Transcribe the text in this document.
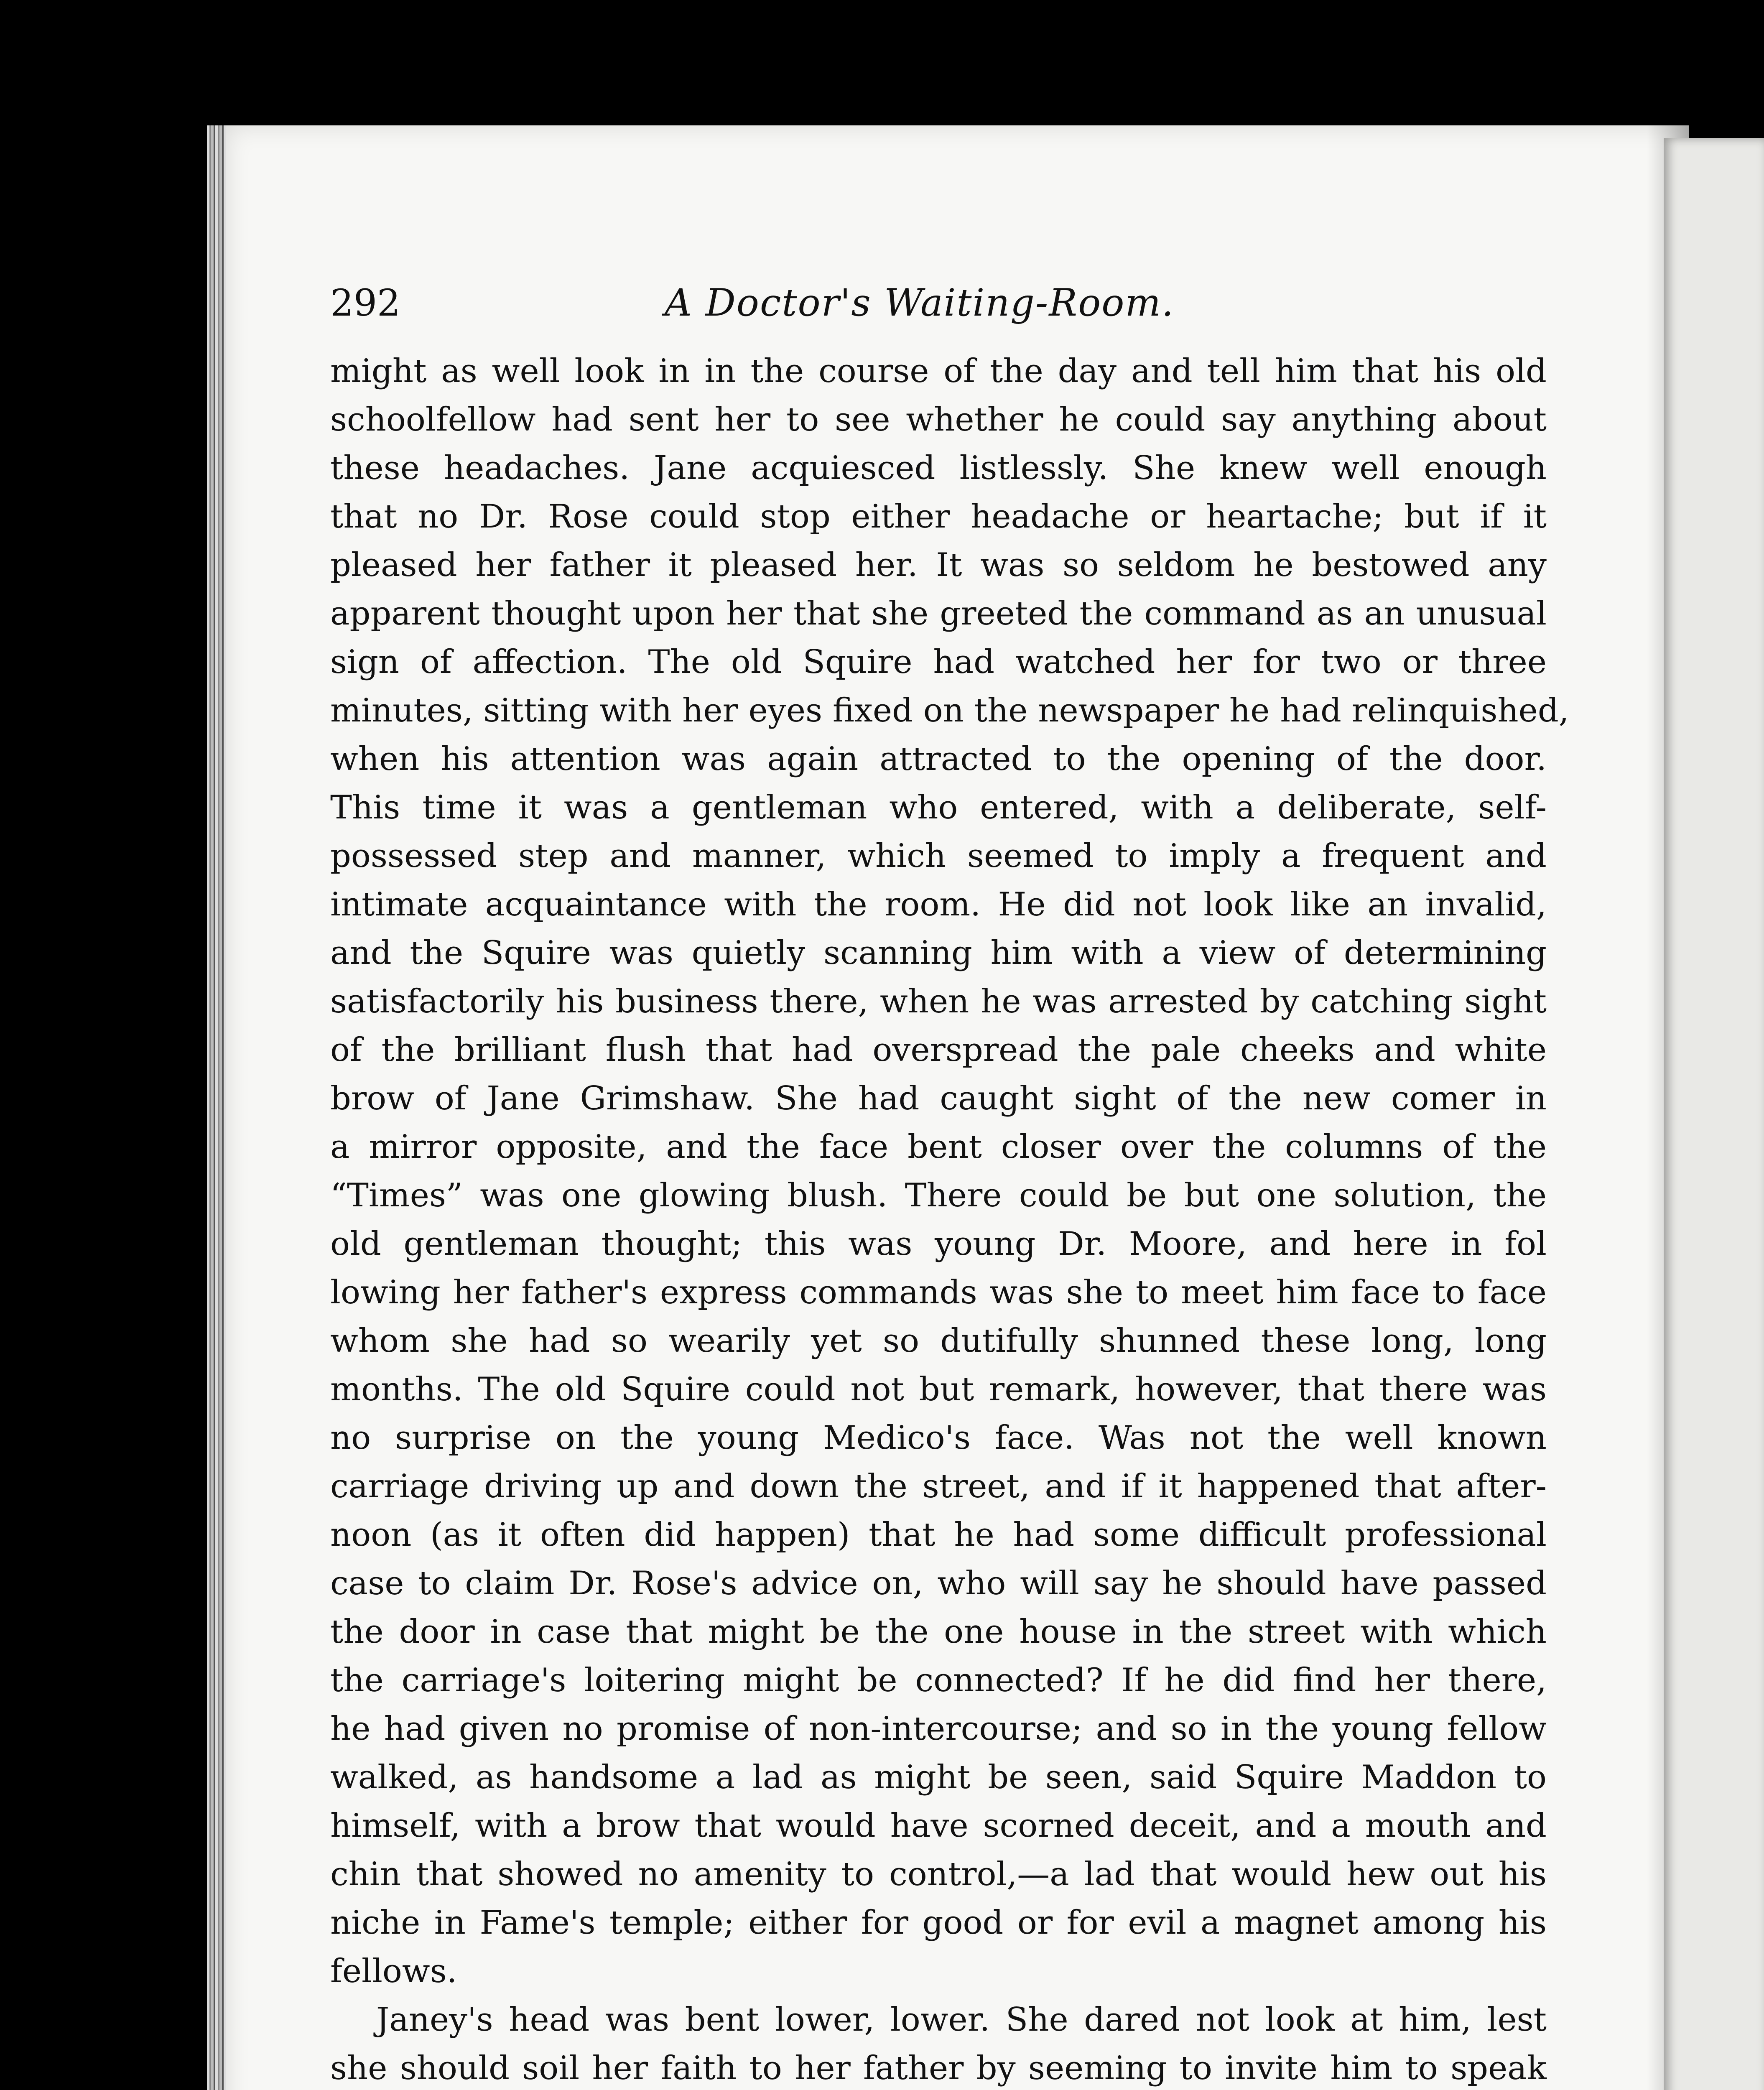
292	A Doctor's Waiting-Room.
might as well look in in the course of the day and tell him that his old
schoolfellow had sent her to see whether he could say anything about
these headaches. Jane acquiesced listlessly. She knew well enough
that no Dr. Rose could stop either headache or heartache; but if it
pleased her father it pleased her. It was so seldom he bestowed any
apparent thought upon her that she greeted the command as an unusual
sign of affection. The old Squire had watched her for two or three
minutes, sitting with her eyes fixed on the newspaper he had relinquished,
when his attention was again attracted to the opening of the door.
This time it was a gentleman who entered, with a deliberate, self-
possessed step and manner, which seemed to imply a frequent and
intimate acquaintance with the room. He did not look like an invalid,
and the Squire was quietly scanning him with a view of determining
satisfactorily his business there, when he was arrested by catching sight
of the brilliant flush that had overspread the pale cheeks and white
brow of Jane Grimshaw. She had caught sight of the new comer in
a mirror opposite, and the face bent closer over the columns of the
“Times” was one glowing blush. There could be but one solution, the
old gentleman thought; this was young Dr. Moore, and here in fol
lowing her father's express commands was she to meet him face to face
whom she had so wearily yet so dutifully shunned these long, long
months. The old Squire could not but remark, however, that there was
no surprise on the young Medico's face. Was not the well known
carriage driving up and down the street, and if it happened that after-
noon (as it often did happen) that he had some difficult professional
case to claim Dr. Rose's advice on, who will say he should have passed
the door in case that might be the one house in the street with which
the carriage's loitering might be connected? If he did find her there,
he had given no promise of non-intercourse; and so in the young fellow
walked, as handsome a lad as might be seen, said Squire Maddon to
himself, with a brow that would have scorned deceit, and a mouth and
chin that showed no amenity to control,—a lad that would hew out his
niche in Fame's temple; either for good or for evil a magnet among his
fellows.
Janey's head was bent lower, lower. She dared not look at him, lest
she should soil her faith to her father by seeming to invite him to speak
